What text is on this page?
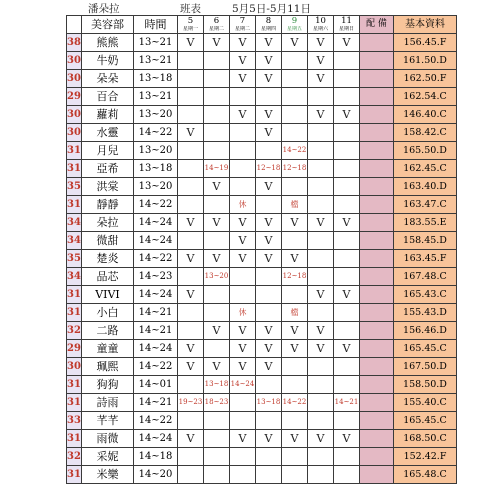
潘朵拉	班表	5月5日-5月11日
	美容部	時間	5	6	7	8	9	10	11	配 備	基本資料
			星期一	星期二	星期二	星期四	星期五	星期六	星期日		
38	熊熊	13~21	V	V	V	V	V	V	V		156.45.F
30	牛奶	13~21			V	V		V			161.50.D
30	朵朵	13~18			V	V		V			162.50.F
29	百合	13~21									162.54.C
30	蘿莉	13~20			V	V		V	V		146.40.C
30	水靈	14~22	V			V					158.42.C
31	月兒	13~20					14~22				165.50.D
31	亞希	13~18		14~19		12~18	12~18				162.45.C
35	洪棠	13~20		V		V					163.40.D
31	靜靜	14~22			休		檔				163.47.C
34	朵拉	14~24	V	V	V	V	V	V	V		183.55.E
34	微甜	14~24			V	V					158.45.D
35	楚炎	14~22	V	V	V	V	V				163.45.F
34	品芯	14~23		13~20			12~18				167.48.C
31	VIVI	14~24	V					V	V		165.43.C
31	小白	14~21			休		檔				155.43.D
32	二路	14~21		V	V	V	V	V			156.46.D
29	童童	14~24	V		V	V	V	V	V		165.45.C
30	珮熙	14~22	V	V	V	V					167.50.D
31	狗狗	14~01		13~18	14~24						158.50.D
31	詩雨	14~21	19~23	18~23		13~18	14~22		14~21		155.40.C
33	芊芊	14~22									165.45.C
31	雨微	14~24	V		V	V	V	V	V		168.50.C
32	采妮	14~18									152.42.F
31	米樂	14~20									165.48.C
